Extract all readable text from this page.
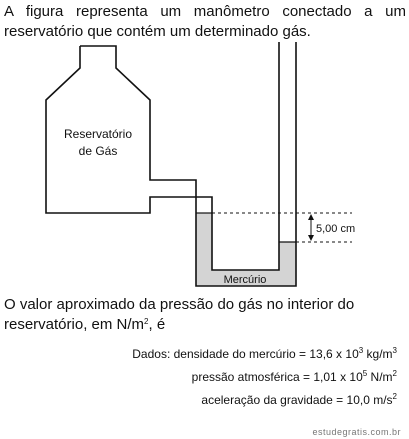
A figura representa um manômetro conectado a um reservatório que contém um determinado gás.

Reservatório
de Gás
5,00 cm
Mercúrio

O valor aproximado da pressão do gás no interior do reservatório, em $N/m^2$, é

Dados: densidade do mercúrio = 13,6 x $10^3$ $kg/m^3$
pressão atmosférica = 1,01 x $10^5$ $N/m^2$
aceleração da gravidade = 10,0 $m/s^2$
estudegratis.com.br
